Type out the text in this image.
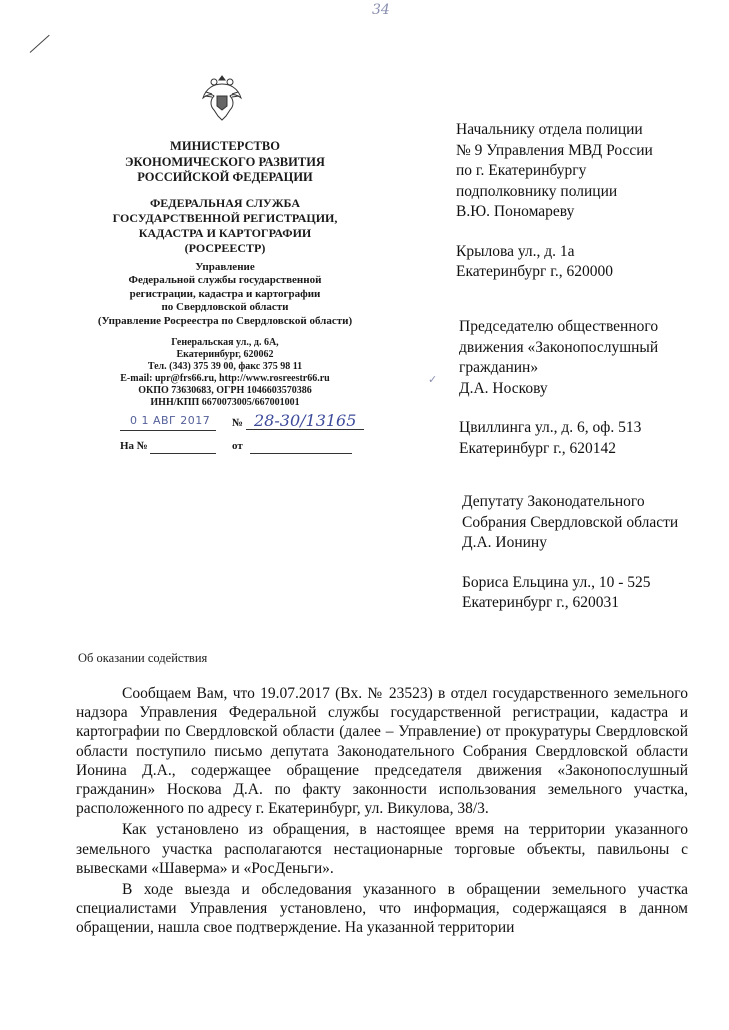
34
МИНИСТЕРСТВО
ЭКОНОМИЧЕСКОГО РАЗВИТИЯ
РОССИЙСКОЙ ФЕДЕРАЦИИ
ФЕДЕРАЛЬНАЯ СЛУЖБА
ГОСУДАРСТВЕННОЙ РЕГИСТРАЦИИ,
КАДАСТРА И КАРТОГРАФИИ
(РОСРЕЕСТР)
Управление
Федеральной службы государственной
регистрации, кадастра и картографии
по Свердловской области
(Управление Росреестра по Свердловской области)
Генеральская ул., д. 6А,
Екатеринбург, 620062
Тел. (343) 375 39 00, факс 375 98 11
E-mail: upr@frs66.ru, http://www.rosreestr66.ru
ОКПО 73630683, ОГРН 1046603570386
ИНН/КПП 6670073005/667001001
0 1 АВГ 2017 № 28-30/13165
На №	от
✓
Начальнику отдела полиции
№ 9 Управления МВД России
по г. Екатеринбургу
подполковнику полиции
В.Ю. Пономареву
Крылова ул., д. 1а
Екатеринбург г., 620000
Председателю общественного
движения «Законопослушный
гражданин»
Д.А. Носкову
Цвиллинга ул., д. 6, оф. 513
Екатеринбург г., 620142
Депутату Законодательного
Собрания Свердловской области
Д.А. Ионину
Бориса Ельцина ул., 10 - 525
Екатеринбург г., 620031
Об оказании содействия

Сообщаем Вам, что 19.07.2017 (Вх. № 23523) в отдел государственного земельного надзора Управления Федеральной службы государственной регистрации, кадастра и картографии по Свердловской области (далее – Управление) от прокуратуры Свердловской области поступило письмо депутата Законодательного Собрания Свердловской области Ионина Д.А., содержащее обращение председателя движения «Законопослушный гражданин» Носкова Д.А. по факту законности использования земельного участка, расположенного по адресу г. Екатеринбург, ул. Викулова, 38/3.

Как установлено из обращения, в настоящее время на территории указанного земельного участка располагаются нестационарные торговые объекты, павильоны с вывесками «Шаверма» и «РосДеньги».

В ходе выезда и обследования указанного в обращении земельного участка специалистами Управления установлено, что информация, содержащаяся в данном обращении, нашла свое подтверждение. На указанной территории
